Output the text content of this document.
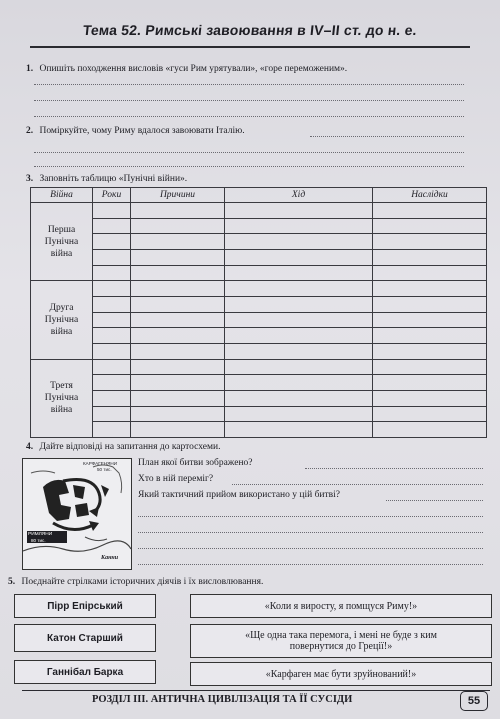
Тема 52. Римські завоювання в IV–II ст. до н. е.
1. Опишіть походження висловів «гуси Рим урятували», «горе переможеним».
2. Поміркуйте, чому Риму вдалося завоювати Італію.
3. Заповніть таблицю «Пунічні війни».
Війна	Роки	Причини	Хід	Наслідки

Перша
Пунічна
війна				

Друга
Пунічна
війна				

Третя
Пунічна
війна				

4. Дайте відповіді на запитання до картосхеми.
КАРФАГЕНЯНИ
50 тис.
РИМЛЯНИ
80 тис.
Канни
План якої битви зображено?
Хто в ній переміг?
Який тактичний прийом використано у цій битві?
5. Поєднайте стрілками історичних діячів і їх висловлювання.
Пірр Епірський
Катон Старший
Ганнібал Барка
«Коли я виросту, я помщуся Риму!»
«Ще одна така перемога, і мені не буде з ким повернутися до Греції!»
«Карфаген має бути зруйнований!»
РОЗДІЛ ІІІ. АНТИЧНА ЦИВІЛІЗАЦІЯ ТА ЇЇ СУСІДИ	55
